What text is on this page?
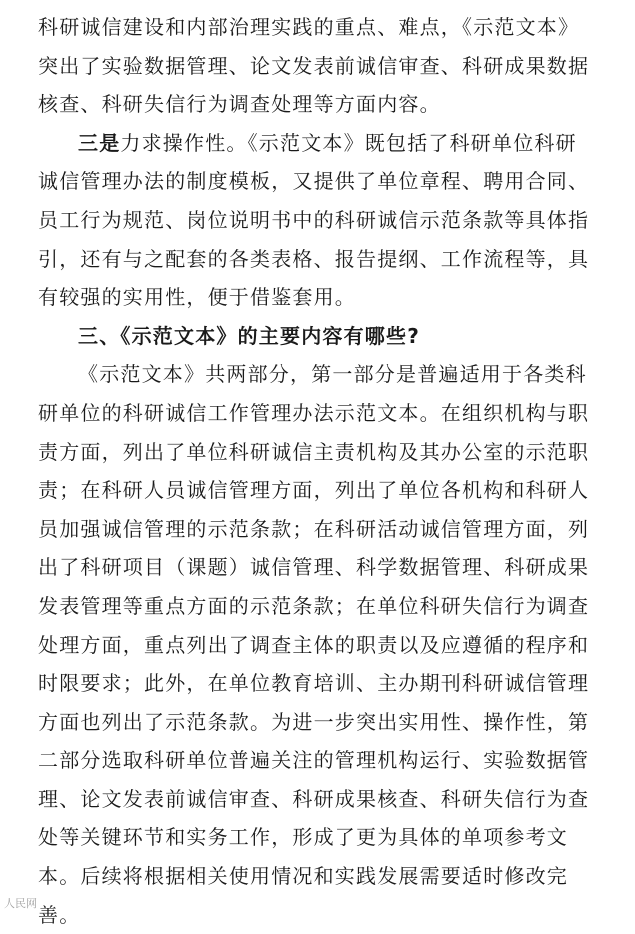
科研诚信建设和内部治理实践的重点、难点，《示范文本》
突出了实验数据管理、论文发表前诚信审查、科研成果数据
核查、科研失信行为调查处理等方面内容。
三是力求操作性。《示范文本》既包括了科研单位科研
诚信管理办法的制度模板，又提供了单位章程、聘用合同、
员工行为规范、岗位说明书中的科研诚信示范条款等具体指
引，还有与之配套的各类表格、报告提纲、工作流程等，具
有较强的实用性，便于借鉴套用。
三、《示范文本》的主要内容有哪些?
《示范文本》共两部分，第一部分是普遍适用于各类科
研单位的科研诚信工作管理办法示范文本。在组织机构与职
责方面，列出了单位科研诚信主责机构及其办公室的示范职
责；在科研人员诚信管理方面，列出了单位各机构和科研人
员加强诚信管理的示范条款；在科研活动诚信管理方面，列
出了科研项目（课题）诚信管理、科学数据管理、科研成果
发表管理等重点方面的示范条款；在单位科研失信行为调查
处理方面，重点列出了调查主体的职责以及应遵循的程序和
时限要求；此外，在单位教育培训、主办期刊科研诚信管理
方面也列出了示范条款。为进一步突出实用性、操作性，第
二部分选取科研单位普遍关注的管理机构运行、实验数据管
理、论文发表前诚信审查、科研成果核查、科研失信行为查
处等关键环节和实务工作，形成了更为具体的单项参考文
本。后续将根据相关使用情况和实践发展需要适时修改完
善。
人民网
